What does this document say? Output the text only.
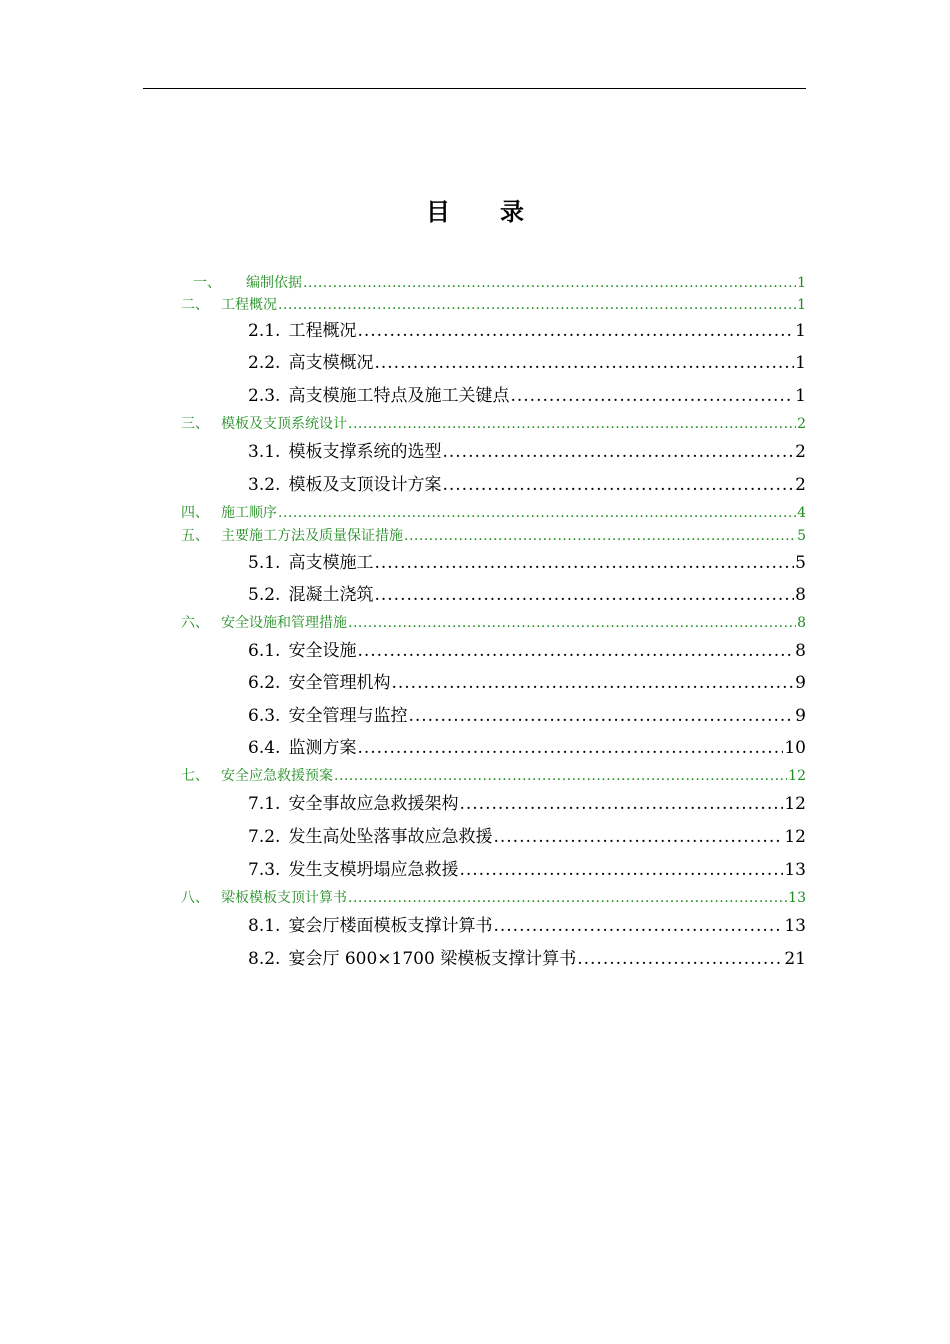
目 录
一、	编制依据 .....	1
二、 工程概况 .....	1
2.1. 工程概况 .....	1
2.2. 高支模概况 .....	1
2.3. 高支模施工特点及施工关键点 .....	1
三、 模板及支顶系统设计 .....	2
3.1. 模板支撑系统的选型 .....	2
3.2. 模板及支顶设计方案 .....	2
四、 施工顺序 .....	4
五、 主要施工方法及质量保证措施 .....	5
5.1. 高支模施工 .....	5
5.2. 混凝土浇筑 .....	8
六、 安全设施和管理措施 .....	8
6.1. 安全设施 .....	8
6.2. 安全管理机构 .....	9
6.3. 安全管理与监控 .....	9
6.4. 监测方案 .....	10
七、 安全应急救援预案 .....	12
7.1. 安全事故应急救援架构 .....	12
7.2. 发生高处坠落事故应急救援 .....	12
7.3. 发生支模坍塌应急救援 .....	13
八、 梁板模板支顶计算书 .....	13
8.1. 宴会厅楼面模板支撑计算书 .....	13
8.2. 宴会厅 600×1700 梁模板支撑计算书 .....	21
